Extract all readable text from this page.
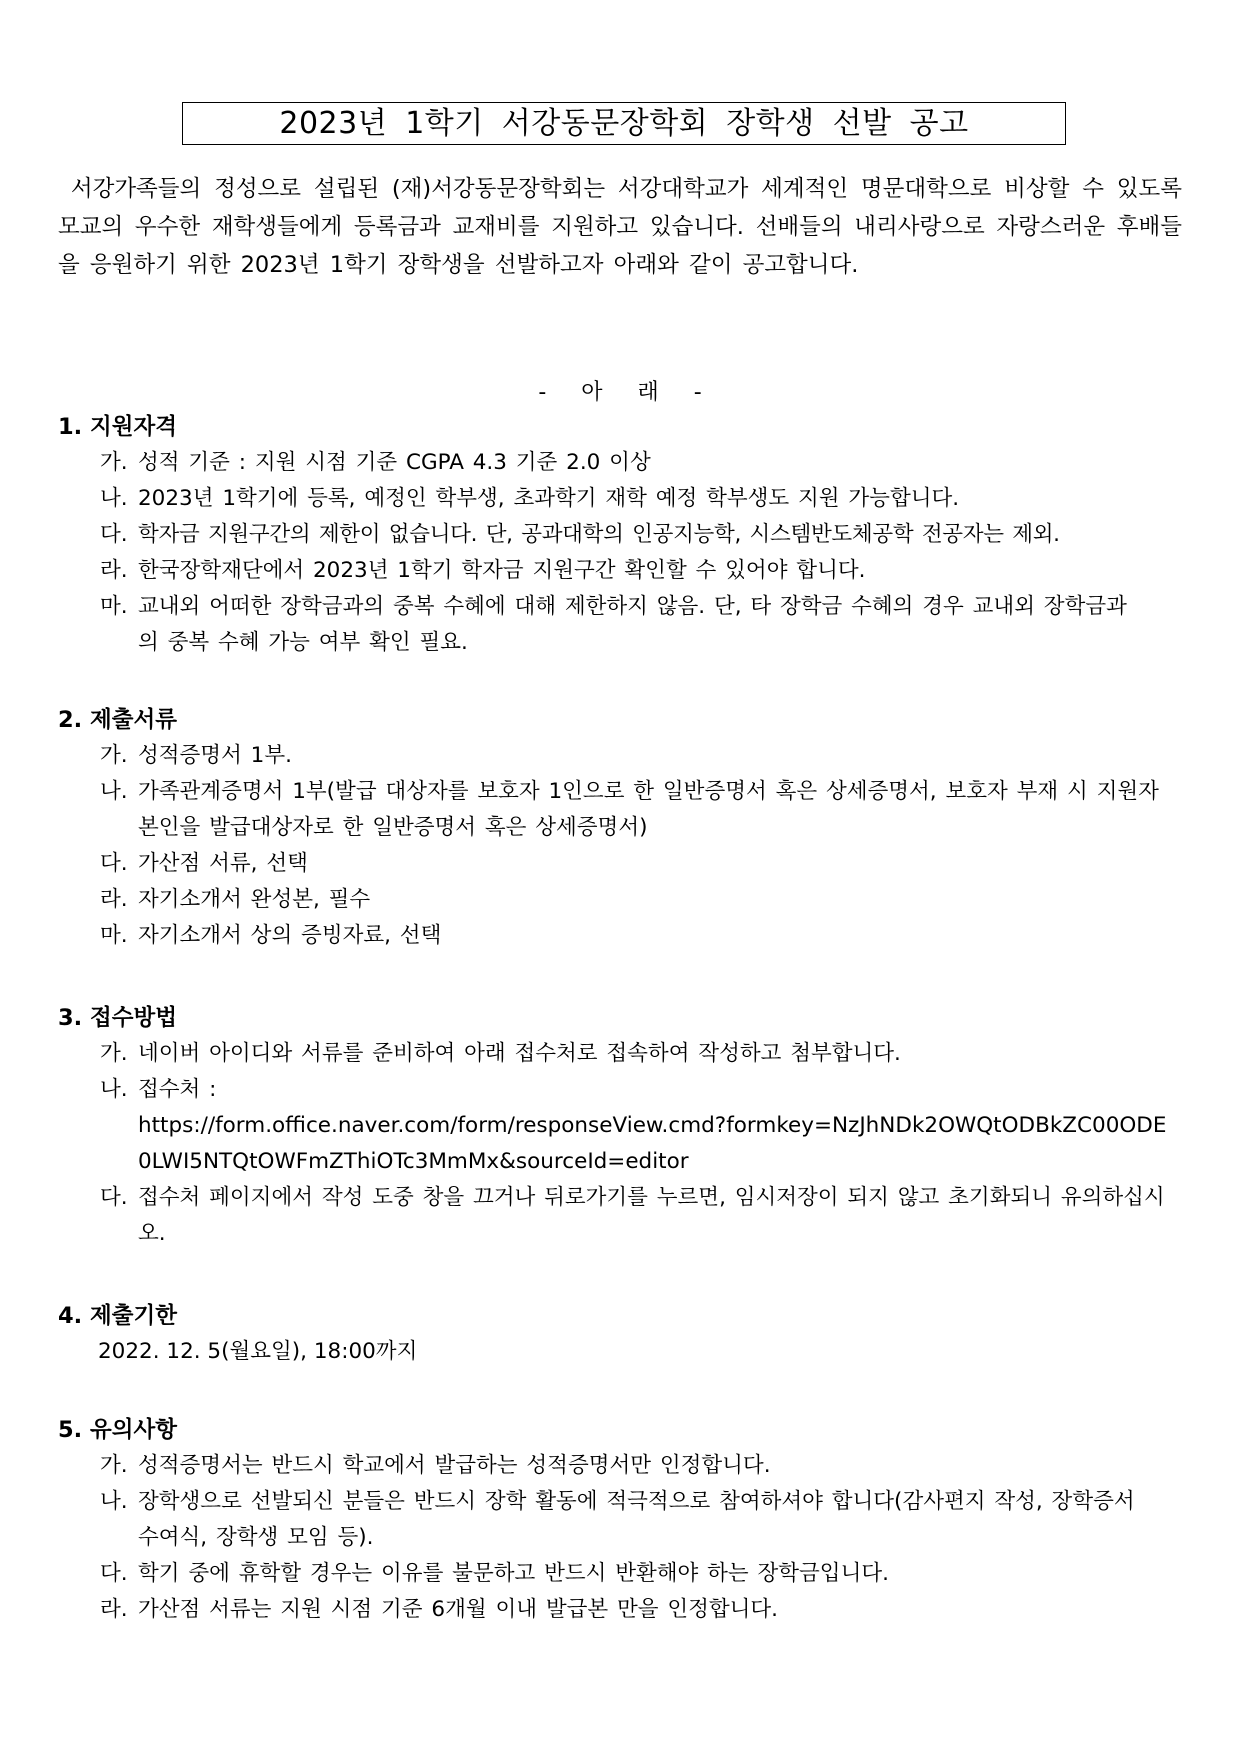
2023년 1학기 서강동문장학회 장학생 선발 공고
서강가족들의 정성으로 설립된 (재)서강동문장학회는 서강대학교가 세계적인 명문대학으로 비상할 수 있도록 모교의 우수한 재학생들에게 등록금과 교재비를 지원하고 있습니다. 선배들의 내리사랑으로 자랑스러운 후배들을 응원하기 위한 2023년 1학기 장학생을 선발하고자 아래와 같이 공고합니다.
- 아 래 -
1. 지원자격
가. 성적 기준 : 지원 시점 기준 CGPA 4.3 기준 2.0 이상
나. 2023년 1학기에 등록, 예정인 학부생, 초과학기 재학 예정 학부생도 지원 가능합니다.
다. 학자금 지원구간의 제한이 없습니다. 단, 공과대학의 인공지능학, 시스템반도체공학 전공자는 제외.
라. 한국장학재단에서 2023년 1학기 학자금 지원구간 확인할 수 있어야 합니다.
마. 교내외 어떠한 장학금과의 중복 수혜에 대해 제한하지 않음. 단, 타 장학금 수혜의 경우 교내외 장학금과의 중복 수혜 가능 여부 확인 필요.
2. 제출서류
가. 성적증명서 1부.
나. 가족관계증명서 1부(발급 대상자를 보호자 1인으로 한 일반증명서 혹은 상세증명서, 보호자 부재 시 지원자 본인을 발급대상자로 한 일반증명서 혹은 상세증명서)
다. 가산점 서류, 선택
라. 자기소개서 완성본, 필수
마. 자기소개서 상의 증빙자료, 선택
3. 접수방법
가. 네이버 아이디와 서류를 준비하여 아래 접수처로 접속하여 작성하고 첨부합니다.
나. 접수처 :
https://form.office.naver.com/form/responseView.cmd?formkey=NzJhNDk2OWQtODBkZC00ODE0LWI5NTQtOWFmZThiOTc3MmMx&sourceId=editor
다. 접수처 페이지에서 작성 도중 창을 끄거나 뒤로가기를 누르면, 임시저장이 되지 않고 초기화되니 유의하십시오.
4. 제출기한
2022. 12. 5(월요일), 18:00까지
5. 유의사항
가. 성적증명서는 반드시 학교에서 발급하는 성적증명서만 인정합니다.
나. 장학생으로 선발되신 분들은 반드시 장학 활동에 적극적으로 참여하셔야 합니다(감사편지 작성, 장학증서 수여식, 장학생 모임 등).
다. 학기 중에 휴학할 경우는 이유를 불문하고 반드시 반환해야 하는 장학금입니다.
라. 가산점 서류는 지원 시점 기준 6개월 이내 발급본 만을 인정합니다.
